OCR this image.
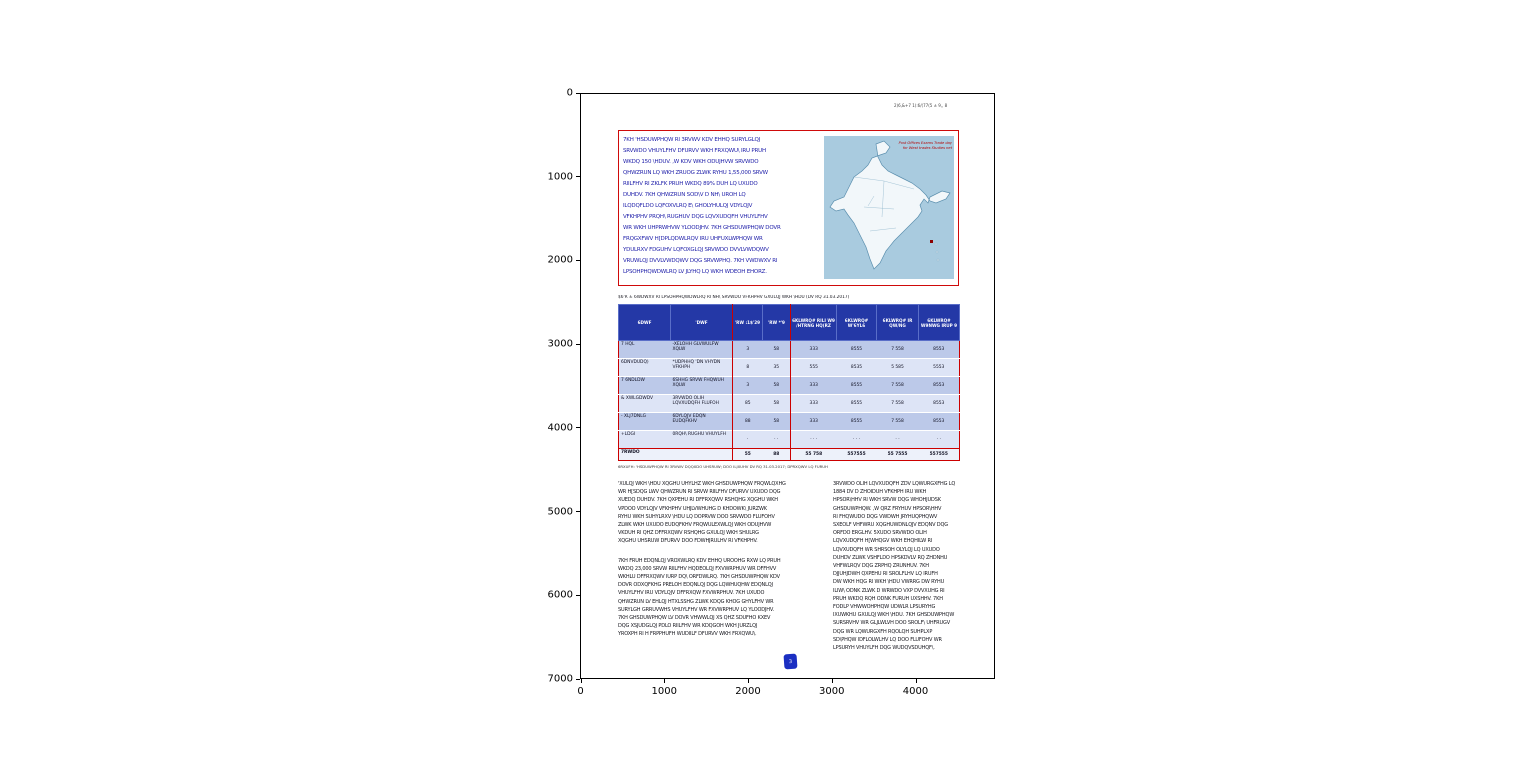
2)6,&+7 1(:6/(77(5 ± 9,, 8
7KH 'HSDUWPHQW RI 3RVWV KDV EHHQ SURYLGLQJ
SRVWDO VHUYLFHV DFURVV WKH FRXQWU\ IRU PRUH
WKDQ 150 \HDUV. ,W KDV WKH ODUJHVW SRVWDO
QHWZRUN LQ WKH ZRUOG ZLWK RYHU 1,55,000 SRVW
RIILFHV RI ZKLFK PRUH WKDQ 89% DUH LQ UXUDO
DUHDV. 7KH QHWZRUN SOD\V D NH\ UROH LQ
ILQDQFLDO LQFOXVLRQ E\ GHOLYHULQJ VDYLQJV
VFKHPHV PRQH\ RUGHUV DQG LQVXUDQFH VHUYLFHV
WR WKH UHPRWHVW YLOODJHV. 7KH GHSDUWPHQW DOVR
FRQGXFWV H[DPLQDWLRQV IRU UHFUXLWPHQW WR
YDULRXV FDGUHV LQFOXGLQJ SRVWDO DVVLVWDQWV
VRUWLQJ DVVLVWDQWV DQG SRVWPHQ. 7KH VWDWXV RI
LPSOHPHQWDWLRQ LV JLYHQ LQ WKH WDEOH EHORZ.
Post Offices Exams Trade day
for West trades Studies net
$6'R ± 6WDWXV RI LPSOHPHQWDWLRQ RI NH\ SRVWDO VFKHPHV GXULQJ WKH \HDU (DV RQ 31.03.2017)
6DWF	'DWF	'RW :1$'29	'RW *'9	6KLWRQ# RILI W9 /HTRNG HQ(RZ	6KLWRQ# W'6YL6	6KLWRQ# IR QW/NG	6KLWRQ# W9NWG IRUP 9
7 HQL	-XELOHH GLVWULFW XQLW	3	58	333	8555	7 558	8553
6DNVDUDQ)	*UDPHHQ 'DN VHYDN VFKHPH	8	35	555	8535	5 585	5553
7 6NDLDW	6SHHG SRVW FHQWUH XQLW	3	58	333	8555	7 558	8553
& XWLGDWDV	3RVWDO OLIH LQVXUDQFH FLUFOH	85	58	333	8555	7 558	8553
- XLJ7DNLG	6DYLQJV EDQN EUDQFKHV	88	58	333	8555	7 558	8553
+LDGI	0RQH\ RUGHU VHUYLFH	·	· ·	· · ·	· · ·	· ·	· ·
7RWDO		55	88	55 758	557555	55 7555	557555
6RXUFH: 'HSDUWPHQW RI 3RVWV DQQXDO UHSRUW; DOO ILJXUHV DV RQ 31.03.2017; DPRXQWV LQ FURUH
'XULQJ WKH \HDU XQGHU UHYLHZ WKH GHSDUWPHQW FRQWLQXHG
WR H[SDQG LWV QHWZRUN RI SRVW RIILFHV DFURVV UXUDO DQG
XUEDQ DUHDV. 7KH QXPEHU RI DFFRXQWV RSHQHG XQGHU WKH
VPDOO VDYLQJV VFKHPHV UHJLVWHUHG D KHDOWK\ JURZWK
RYHU WKH SUHYLRXV \HDU LQ DOPRVW DOO SRVWDO FLUFOHV
ZLWK WKH UXUDO EUDQFKHV FRQWULEXWLQJ WKH ODUJHVW
VKDUH RI QHZ DFFRXQWV RSHQHG GXULQJ WKH SHULRG
XQGHU UHSRUW DFURVV DOO FDWHJRULHV RI VFKHPHV.
7KH FRUH EDQNLQJ VROXWLRQ KDV EHHQ UROOHG RXW LQ PRUH
WKDQ 23,000 SRVW RIILFHV HQDEOLQJ FXVWRPHUV WR DFFHVV
WKHLU DFFRXQWV IURP DQ\ ORFDWLRQ. 7KH GHSDUWPHQW KDV
DOVR ODXQFKHG PRELOH EDQNLQJ DQG LQWHUQHW EDQNLQJ
VHUYLFHV IRU VDYLQJV DFFRXQW FXVWRPHUV. 7KH UXUDO
QHWZRUN LV EHLQJ HTXLSSHG ZLWK KDQG KHOG GHYLFHV WR
SURYLGH GRRUVWHS VHUYLFHV WR FXVWRPHUV LQ YLOODJHV.
7KH GHSDUWPHQW LV DOVR VHWWLQJ XS QHZ SDUFHO KXEV
DQG XSJUDGLQJ PDLO RIILFHV WR KDQGOH WKH JURZLQJ
YROXPH RI H FRPPHUFH WUDIILF DFURVV WKH FRXQWU\.
3RVWDO OLIH LQVXUDQFH ZDV LQWURGXFHG LQ
1884 DV D ZHOIDUH VFKHPH IRU WKH
HPSOR\HHV RI WKH SRVW DQG WHOHJUDSK
GHSDUWPHQW. ,W QRZ FRYHUV HPSOR\HHV
RI FHQWUDO DQG VWDWH JRYHUQPHQWV
SXEOLF VHFWRU XQGHUWDNLQJV EDQNV DQG
ORFDO ERGLHV. 5XUDO SRVWDO OLIH
LQVXUDQFH H[WHQGV WKH EHQHILW RI
LQVXUDQFH WR SHRSOH OLYLQJ LQ UXUDO
DUHDV ZLWK VSHFLDO HPSKDVLV RQ ZHDNHU
VHFWLRQV DQG ZRPHQ ZRUNHUV. 7KH
DJJUHJDWH QXPEHU RI SROLFLHV LQ IRUFH
DW WKH HQG RI WKH \HDU VWRRG DW RYHU
ILIW\ ODNK ZLWK D WRWDO VXP DVVXUHG RI
PRUH WKDQ RQH ODNK FURUH UXSHHV. 7KH
FODLP VHWWOHPHQW UDWLR LPSURYHG
IXUWKHU GXULQJ WKH \HDU. 7KH GHSDUWPHQW
SURSRVHV WR GLJLWLVH DOO SROLF\ UHFRUGV
DQG WR LQWURGXFH RQOLQH SUHPLXP
SD\PHQW IDFLOLWLHV LQ DOO FLUFOHV WR
LPSURYH VHUYLFH DQG WUDQVSDUHQF\.
3
0
1000
2000
3000
4000
5000
6000
7000
0	1000	2000	3000	4000
